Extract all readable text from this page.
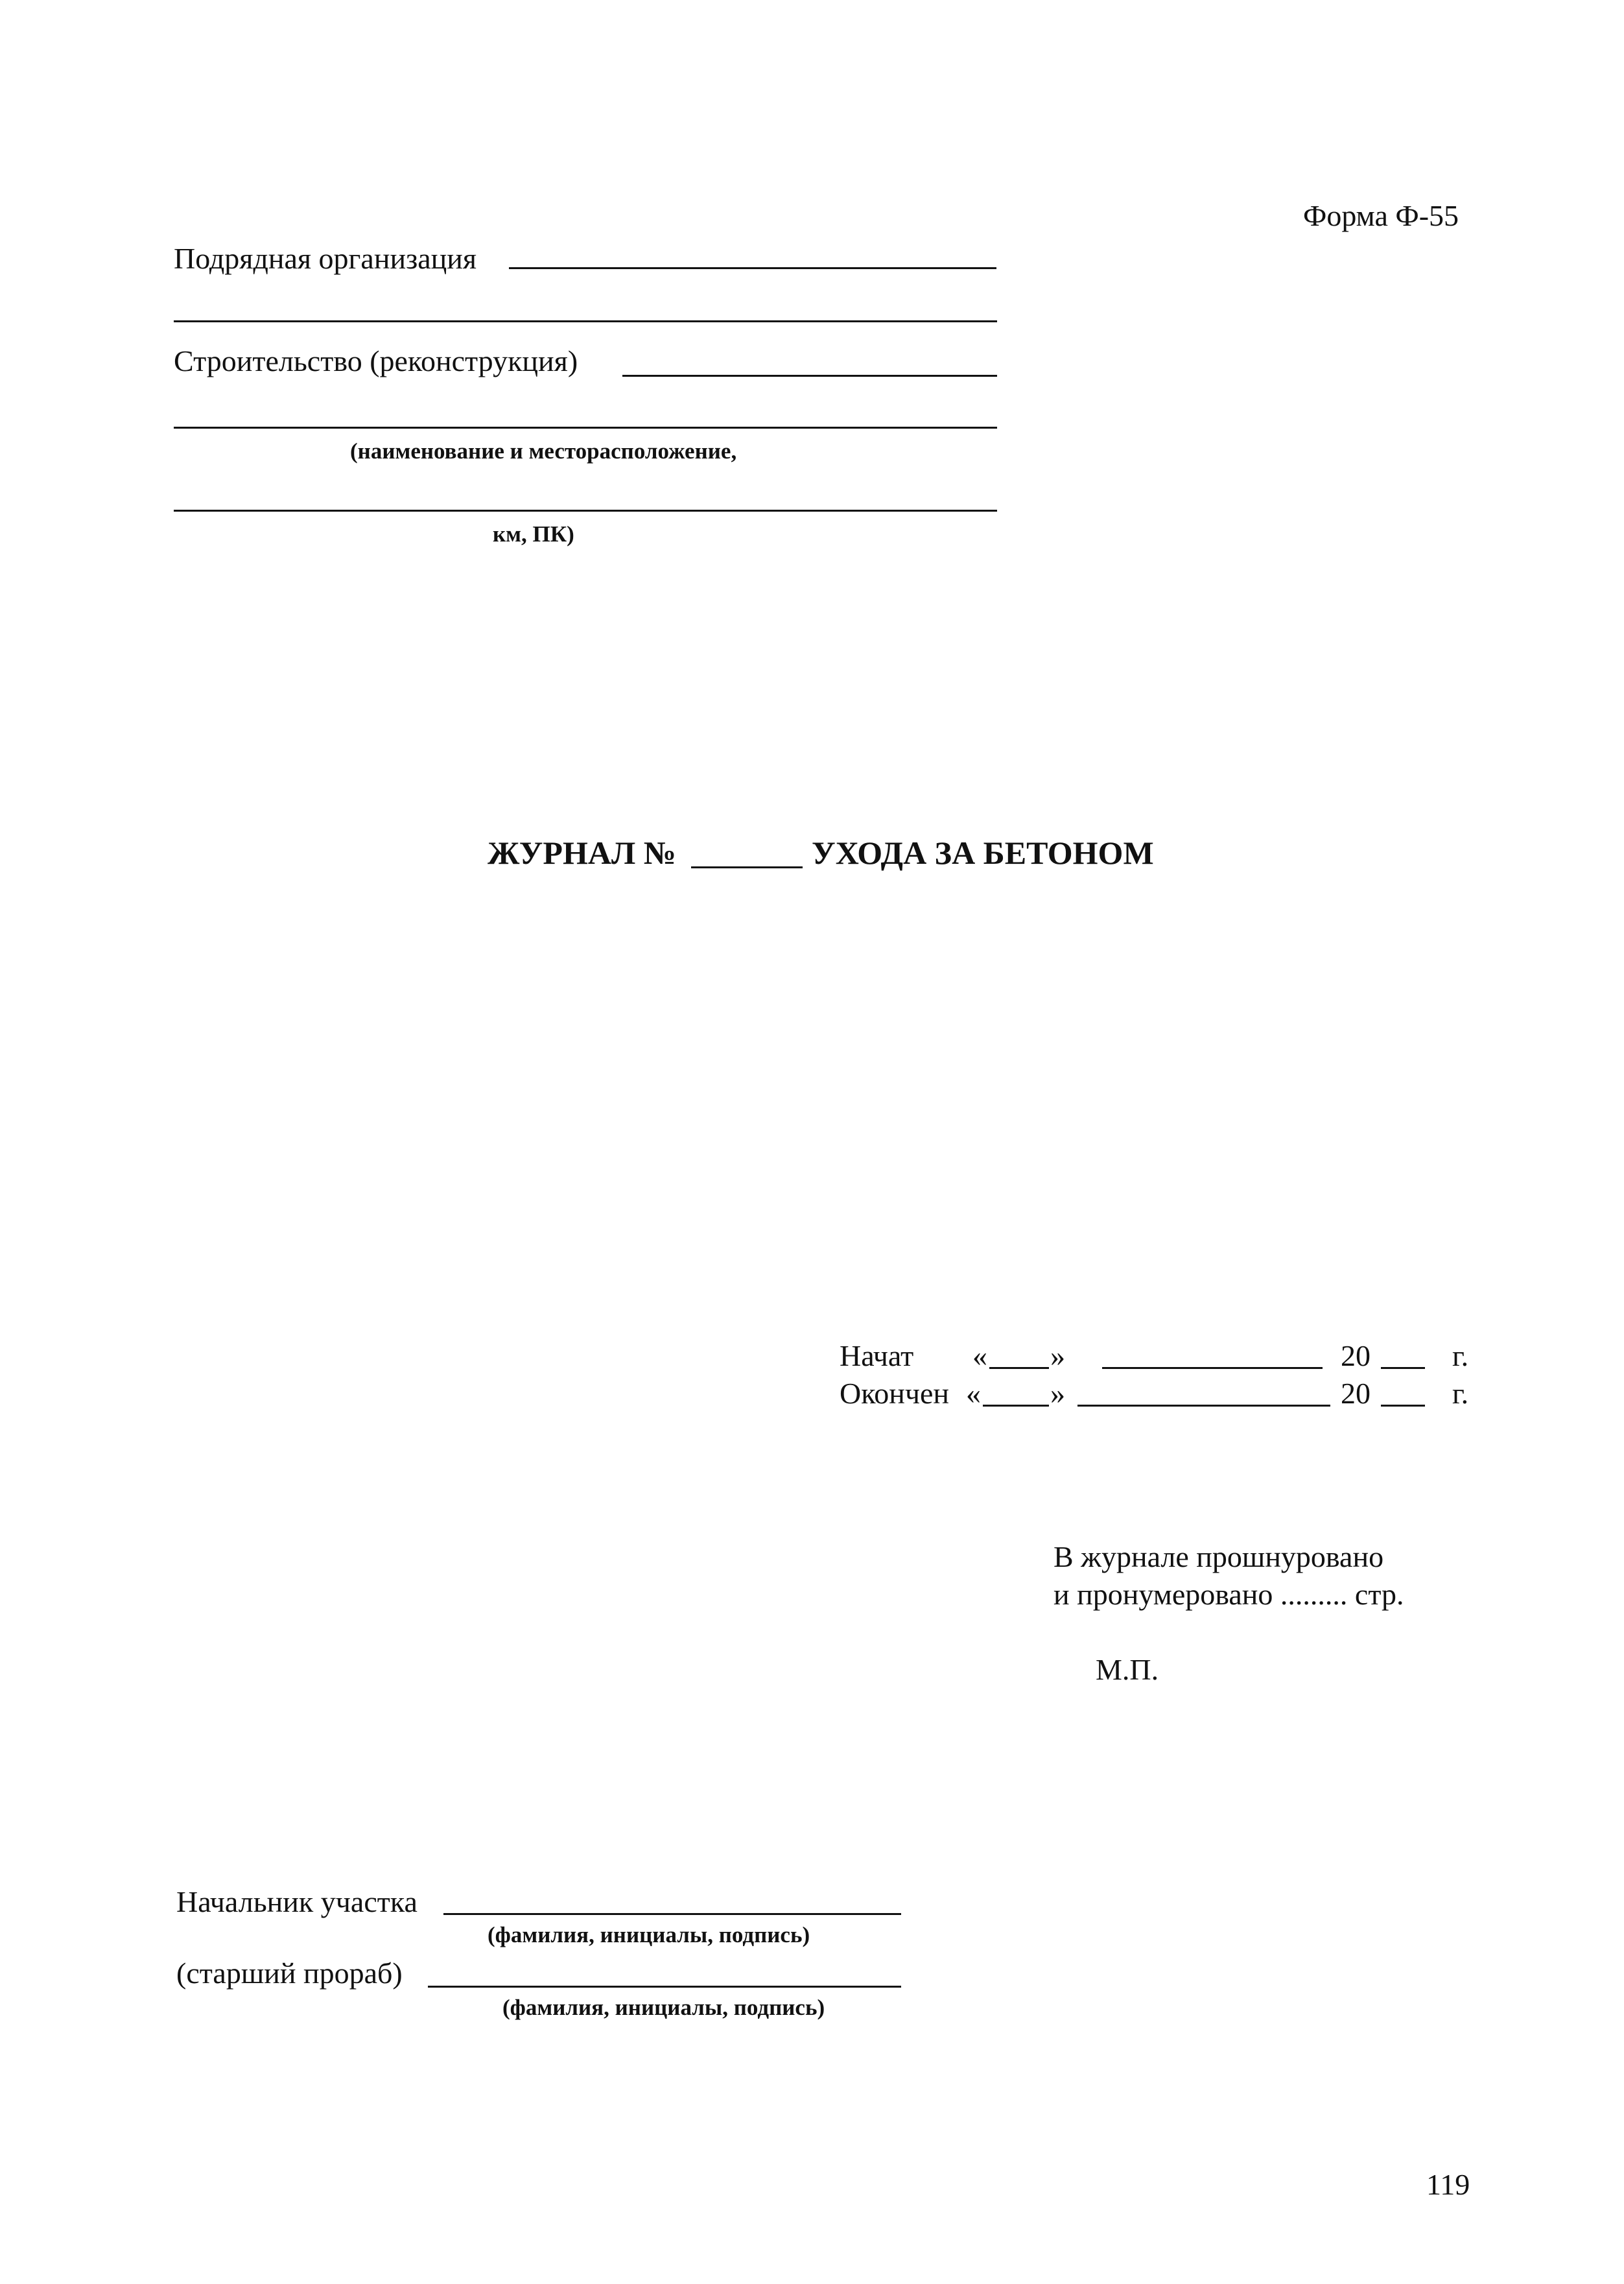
Форма Ф-55
Подрядная организация
Строительство (реконструкция)
(наименование и месторасположение,
км, ПК)
ЖУРНАЛ №	УХОДА ЗА БЕТОНОМ
Начат « »	20	г.
Окончен « »	20	г.
В журнале прошнуровано
и пронумеровано ......... стр.
М.П.
Начальник участка
(фамилия, инициалы, подпись)
(старший прораб)
(фамилия, инициалы, подпись)
119
